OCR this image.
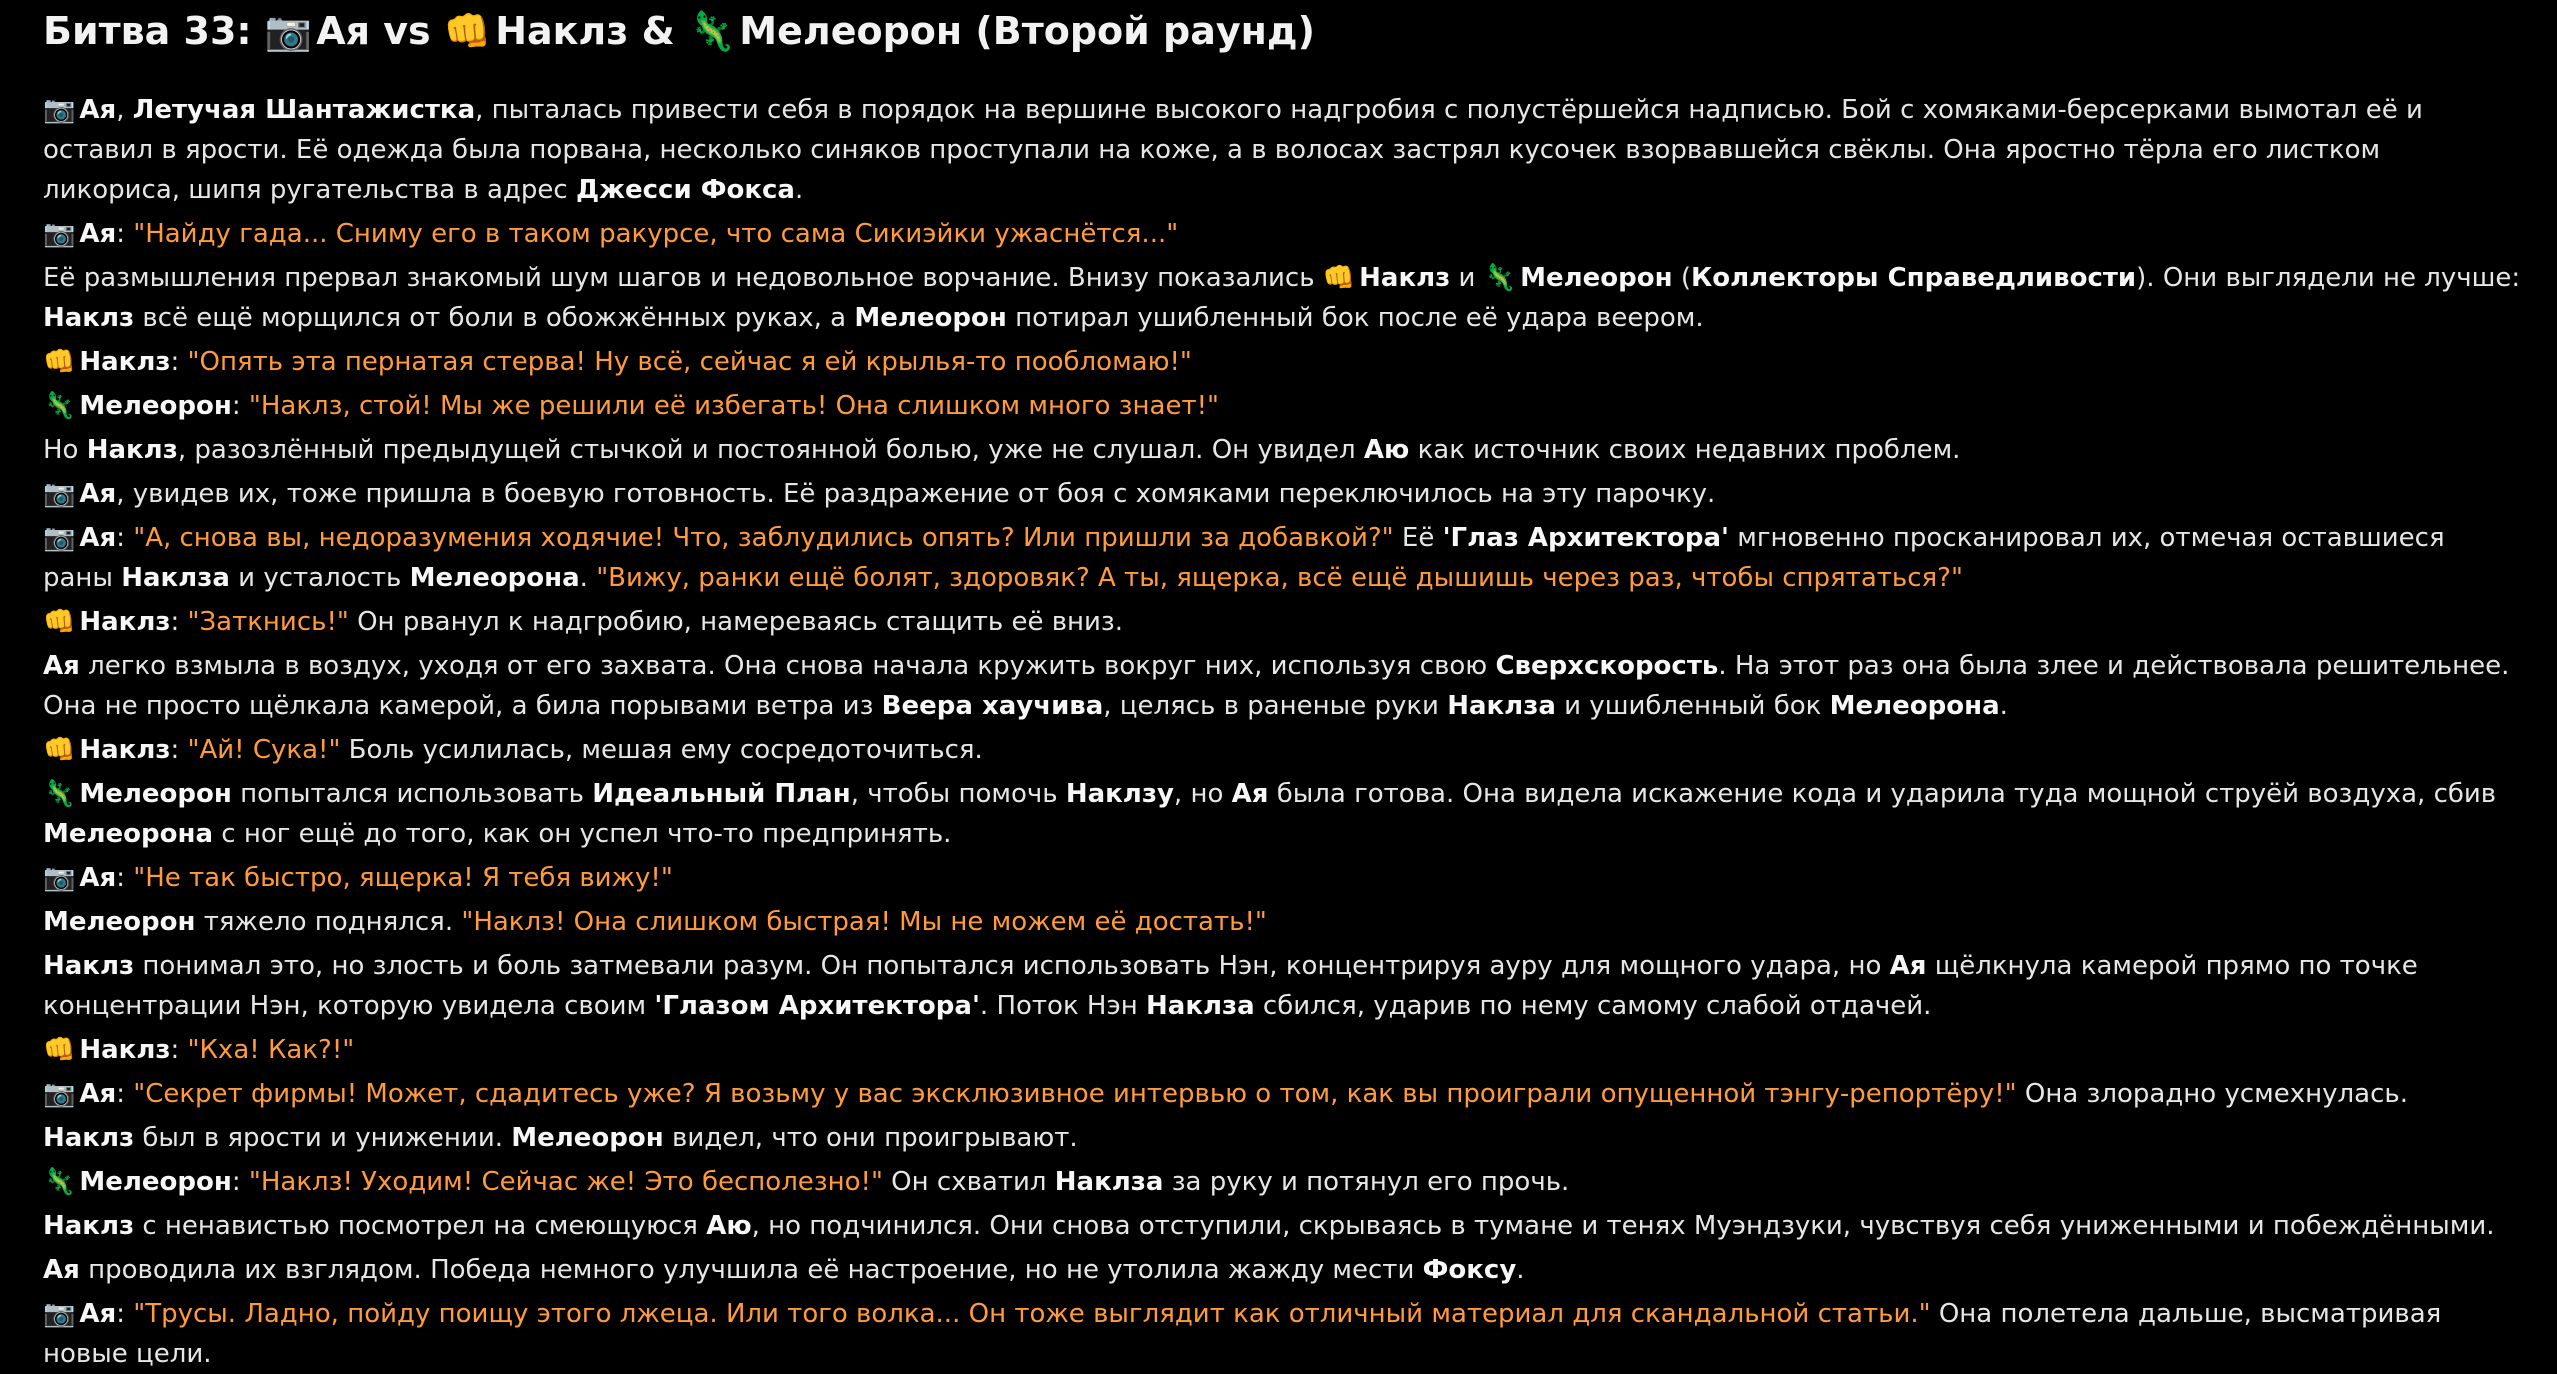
Битва 33: 📷 Ая vs 👊 Наклз & 🦎 Мелеорон (Второй раунд)

📷 Ая, Летучая Шантажистка, пыталась привести себя в порядок на вершине высокого надгробия с полустёршейся надписью. Бой с хомяками-берсерками вымотал её и оставил в ярости. Её одежда была порвана, несколько синяков проступали на коже, а в волосах застрял кусочек взорвавшейся свёклы. Она яростно тёрла его листком ликориса, шипя ругательства в адрес Джесси Фокса.

📷 Ая: "Найду гада... Сниму его в таком ракурсе, что сама Сикиэйки ужаснётся..."

Её размышления прервал знакомый шум шагов и недовольное ворчание. Внизу показались 👊 Наклз и 🦎 Мелеорон (Коллекторы Справедливости). Они выглядели не лучше: Наклз всё ещё морщился от боли в обожжённых руках, а Мелеорон потирал ушибленный бок после её удара веером.

👊 Наклз: "Опять эта пернатая стерва! Ну всё, сейчас я ей крылья-то пообломаю!"

🦎 Мелеорон: "Наклз, стой! Мы же решили её избегать! Она слишком много знает!"

Но Наклз, разозлённый предыдущей стычкой и постоянной болью, уже не слушал. Он увидел Аю как источник своих недавних проблем.

📷 Ая, увидев их, тоже пришла в боевую готовность. Её раздражение от боя с хомяками переключилось на эту парочку.

📷 Ая: "А, снова вы, недоразумения ходячие! Что, заблудились опять? Или пришли за добавкой?" Её 'Глаз Архитектора' мгновенно просканировал их, отмечая оставшиеся раны Наклза и усталость Мелеорона. "Вижу, ранки ещё болят, здоровяк? А ты, ящерка, всё ещё дышишь через раз, чтобы спрятаться?"

👊 Наклз: "Заткнись!" Он рванул к надгробию, намереваясь стащить её вниз.

Ая легко взмыла в воздух, уходя от его захвата. Она снова начала кружить вокруг них, используя свою Сверхскорость. На этот раз она была злее и действовала решительнее. Она не просто щёлкала камерой, а била порывами ветра из Веера хаучива, целясь в раненые руки Наклза и ушибленный бок Мелеорона.

👊 Наклз: "Ай! Сука!" Боль усилилась, мешая ему сосредоточиться.

🦎 Мелеорон попытался использовать Идеальный План, чтобы помочь Наклзу, но Ая была готова. Она видела искажение кода и ударила туда мощной струёй воздуха, сбив Мелеорона с ног ещё до того, как он успел что-то предпринять.

📷 Ая: "Не так быстро, ящерка! Я тебя вижу!"

Мелеорон тяжело поднялся. "Наклз! Она слишком быстрая! Мы не можем её достать!"

Наклз понимал это, но злость и боль затмевали разум. Он попытался использовать Нэн, концентрируя ауру для мощного удара, но Ая щёлкнула камерой прямо по точке концентрации Нэн, которую увидела своим 'Глазом Архитектора'. Поток Нэн Наклза сбился, ударив по нему самому слабой отдачей.

👊 Наклз: "Кха! Как?!"

📷 Ая: "Секрет фирмы! Может, сдадитесь уже? Я возьму у вас эксклюзивное интервью о том, как вы проиграли опущенной тэнгу-репортёру!" Она злорадно усмехнулась.

Наклз был в ярости и унижении. Мелеорон видел, что они проигрывают.

🦎 Мелеорон: "Наклз! Уходим! Сейчас же! Это бесполезно!" Он схватил Наклза за руку и потянул его прочь.

Наклз с ненавистью посмотрел на смеющуюся Аю, но подчинился. Они снова отступили, скрываясь в тумане и тенях Муэндзуки, чувствуя себя униженными и побеждёнными.

Ая проводила их взглядом. Победа немного улучшила её настроение, но не утолила жажду мести Фоксу.

📷 Ая: "Трусы. Ладно, пойду поищу этого лжеца. Или того волка... Он тоже выглядит как отличный материал для скандальной статьи." Она полетела дальше, высматривая новые цели.
